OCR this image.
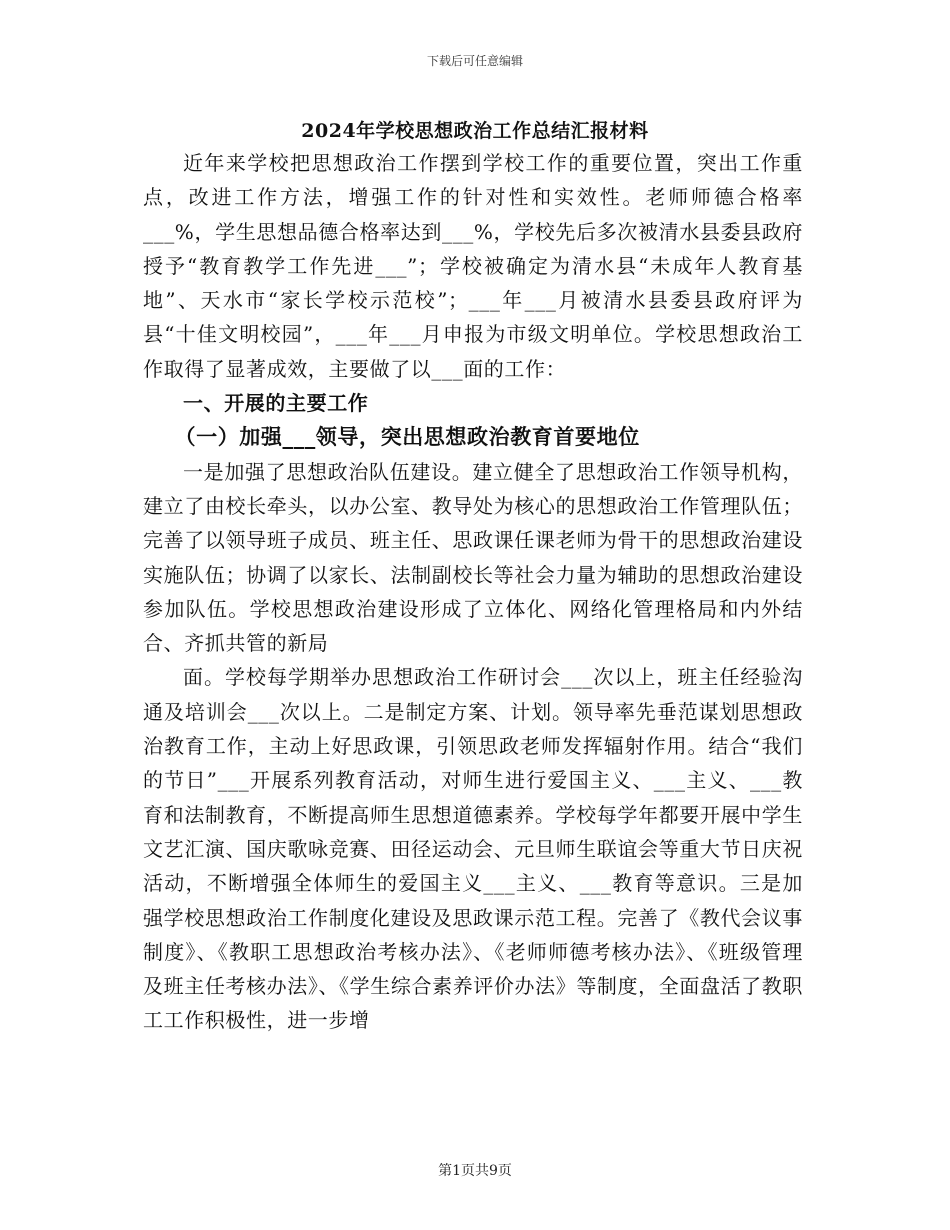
下载后可任意编辑
2024年学校思想政治工作总结汇报材料

近年来学校把思想政治工作摆到学校工作的重要位置，突出工作重点，改进工作方法，增强工作的针对性和实效性。老师师德合格率___%，学生思想品德合格率达到___%，学校先后多次被清水县委县政府授予“教育教学工作先进___”；学校被确定为清水县“未成年人教育基地”、天水市“家长学校示范校”；___年___月被清水县委县政府评为县“十佳文明校园”，___年___月申报为市级文明单位。学校思想政治工作取得了显著成效，主要做了以___面的工作：

一、开展的主要工作

（一）加强___领导，突出思想政治教育首要地位

一是加强了思想政治队伍建设。建立健全了思想政治工作领导机构，建立了由校长牵头，以办公室、教导处为核心的思想政治工作管理队伍；完善了以领导班子成员、班主任、思政课任课老师为骨干的思想政治建设实施队伍；协调了以家长、法制副校长等社会力量为辅助的思想政治建设参加队伍。学校思想政治建设形成了立体化、网络化管理格局和内外结合、齐抓共管的新局

面。学校每学期举办思想政治工作研讨会___次以上，班主任经验沟通及培训会___次以上。二是制定方案、计划。领导率先垂范谋划思想政治教育工作，主动上好思政课，引领思政老师发挥辐射作用。结合“我们的节日”___开展系列教育活动，对师生进行爱国主义、___主义、___教育和法制教育，不断提高师生思想道德素养。学校每学年都要开展中学生文艺汇演、国庆歌咏竞赛、田径运动会、元旦师生联谊会等重大节日庆祝活动，不断增强全体师生的爱国主义___主义、___教育等意识。三是加强学校思想政治工作制度化建设及思政课示范工程。完善了《教代会议事制度》、《教职工思想政治考核办法》、《老师师德考核办法》、《班级管理及班主任考核办法》、《学生综合素养评价办法》等制度，全面盘活了教职工工作积极性，进一步增

第1页共9页
